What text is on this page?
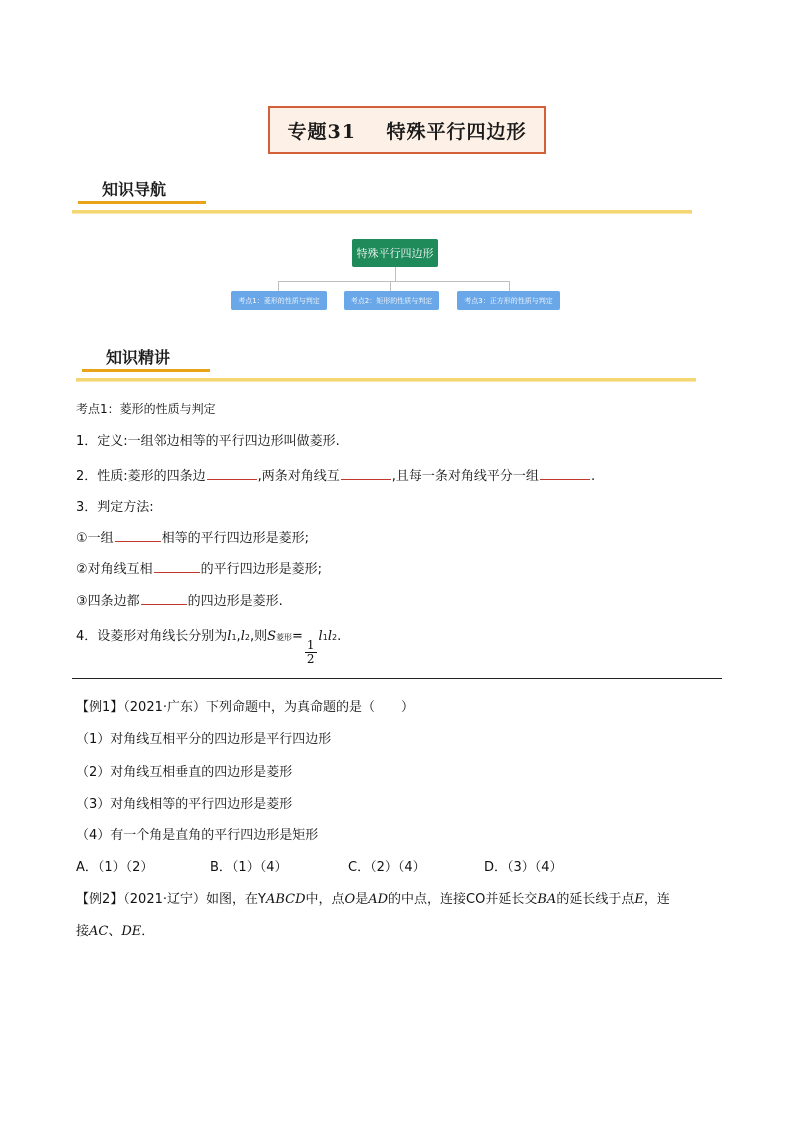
专题31    特殊平行四边形
知识导航
特殊平行四边形
考点1：菱形的性质与判定	考点2：矩形的性质与判定	考点3：正方形的性质与判定
知识精讲
考点1：菱形的性质与判定
1．定义:一组邻边相等的平行四边形叫做菱形.
2．性质:菱形的四条边	,两条对角线互	,且每一条对角线平分一组	.
3．判定方法:
①一组	相等的平行四边形是菱形;
②对角线互相	的平行四边形是菱形;
③四条边都	的四边形是菱形.
4．设菱形对角线长分别为 l 1 , l 2 ,则 S 菱形 =
$\frac{1}{2}$
l 1 l 2 .
【例1】（2021·广东）下列命题中，为真命题的是（　　）
（1）对角线互相平分的四边形是平行四边形
（2）对角线互相垂直的四边形是菱形
（3）对角线相等的平行四边形是菱形
（4）有一个角是直角的平行四边形是矩形
A．（1）（2）	B．（1）（4）	C．（2）（4）	D．（3）（4）
【例2】（2021·辽宁）如图，在 Y ABCD 中，点 O 是 AD 的中点，连接 CO 并延长交 BA 的延长线于点 E ，连
接 AC 、 DE ．
